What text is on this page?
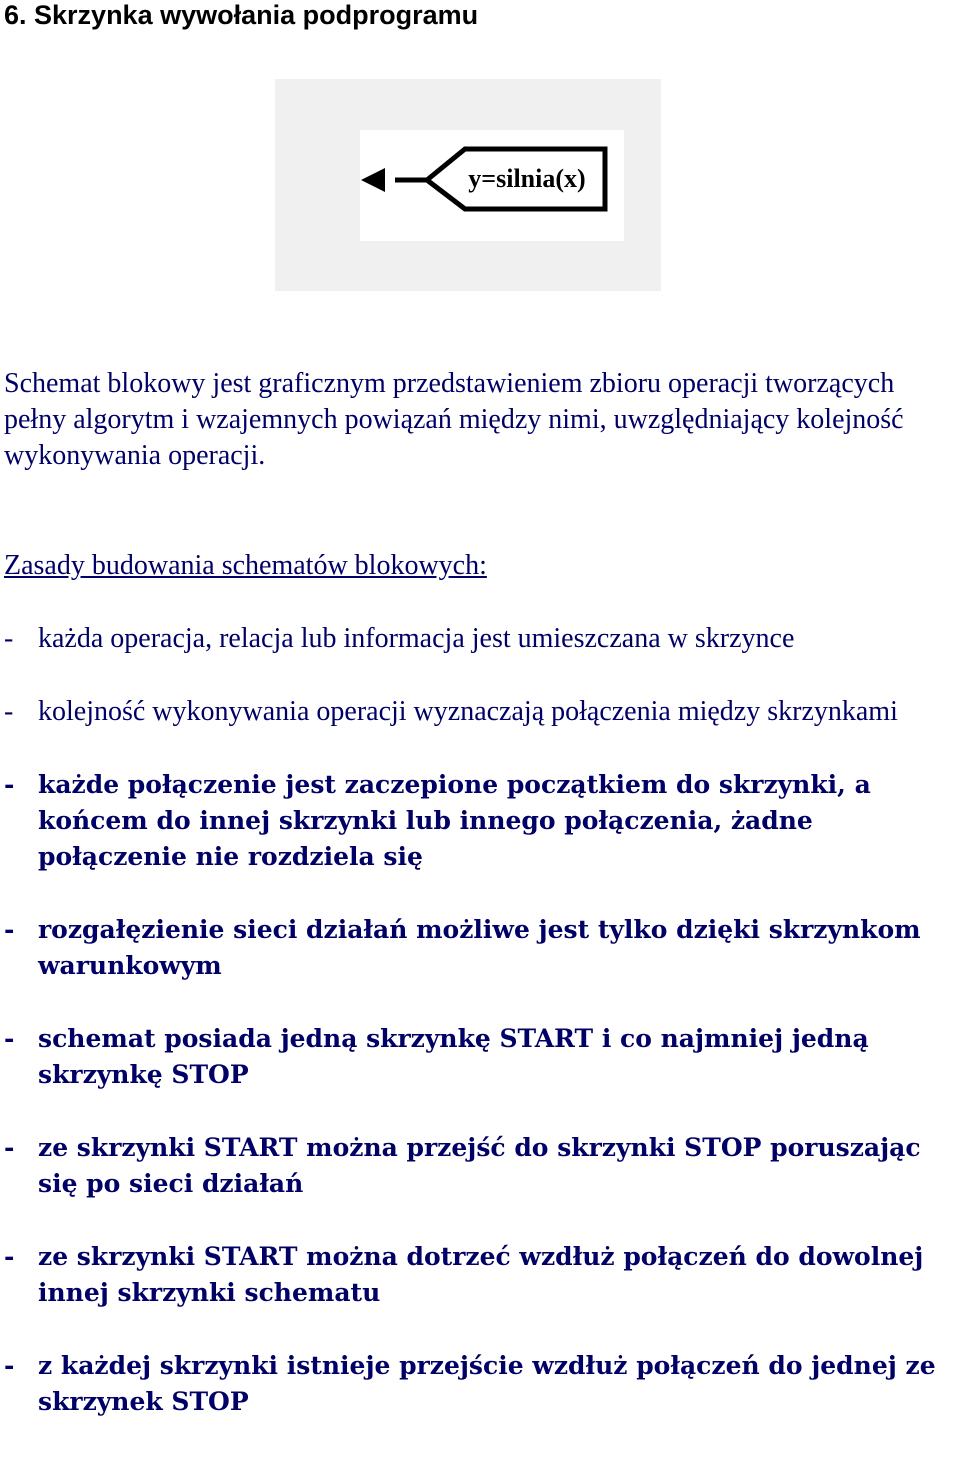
6. Skrzynka wywołania podprogramu
y=silnia(x)

Schemat blokowy jest graficznym przedstawieniem zbioru operacji tworzących pełny algorytm i wzajemnych powiązań między nimi, uwzględniający kolejność wykonywania operacji.

Zasady budowania schematów blokowych:

- każda operacja, relacja lub informacja jest umieszczana w skrzynce
- kolejność wykonywania operacji wyznaczają połączenia między skrzynkami
- każde połączenie jest zaczepione początkiem do skrzynki, a końcem do innej skrzynki lub innego połączenia, żadne połączenie nie rozdziela się
- rozgałęzienie sieci działań możliwe jest tylko dzięki skrzynkom warunkowym
- schemat posiada jedną skrzynkę START i co najmniej jedną skrzynkę STOP
- ze skrzynki START można przejść do skrzynki STOP poruszając się po sieci działań
- ze skrzynki START można dotrzeć wzdłuż połączeń do dowolnej innej skrzynki schematu
- z każdej skrzynki istnieje przejście wzdłuż połączeń do jednej ze skrzynek STOP
